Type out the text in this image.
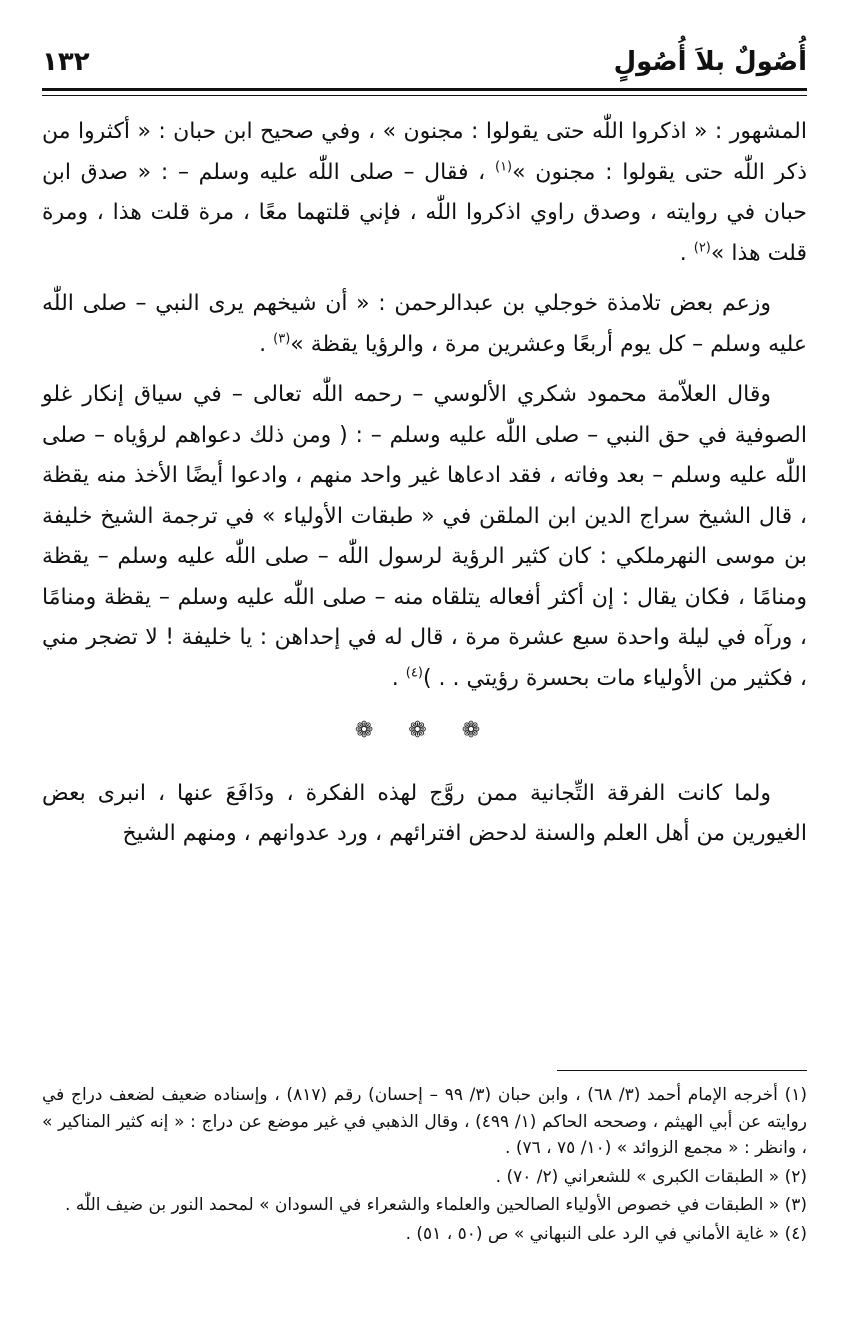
أُصُولٌ بلاَ أُصُولٍ
١٣٢

المشهور : « اذكروا اللّٰه حتى يقولوا : مجنون » ، وفي صحيح ابن حبان : « أكثروا من ذكر اللّٰه حتى يقولوا : مجنون »$^{(١)}$ ، فقال – صلى اللّٰه عليه وسلم – : « صدق ابن حبان في روايته ، وصدق راوي اذكروا اللّٰه ، فإني قلتهما معًا ، مرة قلت هذا ، ومرة قلت هذا »$^{(٢)}$ .

وزعم بعض تلامذة خوجلي بن عبدالرحمن : « أن شيخهم يرى النبي – صلى اللّٰه عليه وسلم – كل يوم أربعًا وعشرين مرة ، والرؤيا يقظة »$^{(٣)}$ .

وقال العلاّمة محمود شكري الألوسي – رحمه اللّٰه تعالى – في سياق إنكار غلو الصوفية في حق النبي – صلى اللّٰه عليه وسلم – : ( ومن ذلك دعواهم لرؤياه – صلى اللّٰه عليه وسلم – بعد وفاته ، فقد ادعاها غير واحد منهم ، وادعوا أيضًا الأخذ منه يقظة ، قال الشيخ سراج الدين ابن الملقن في « طبقات الأولياء » في ترجمة الشيخ خليفة بن موسى النهرملكي : كان كثير الرؤية لرسول اللّٰه – صلى اللّٰه عليه وسلم – يقظة ومنامًا ، فكان يقال : إن أكثر أفعاله يتلقاه منه – صلى اللّٰه عليه وسلم – يقظة ومنامًا ، ورآه في ليلة واحدة سبع عشرة مرة ، قال له في إحداهن : يا خليفة ! لا تضجر مني ، فكثير من الأولياء مات بحسرة رؤيتي . . )$^{(٤)}$ .

❁ ❁ ❁

ولما كانت الفرقة التِّجانية ممن روَّج لهذه الفكرة ، ودَافَعَ عنها ، انبرى بعض الغيورين من أهل العلم والسنة لدحض افترائهم ، ورد عدوانهم ، ومنهم الشيخ

(١) أخرجه الإمام أحمد (٣/ ٦٨) ، وابن حبان (٣/ ٩٩ – إحسان) رقم (٨١٧) ، وإسناده ضعيف لضعف دراج في روايته عن أبي الهيثم ، وصححه الحاكم (١/ ٤٩٩) ، وقال الذهبي في غير موضع عن دراج : « إنه كثير المناكير » ، وانظر : « مجمع الزوائد » (١٠/ ٧٥ ، ٧٦) .

(٢) « الطبقات الكبرى » للشعراني (٢/ ٧٠) .

(٣) « الطبقات في خصوص الأولياء الصالحين والعلماء والشعراء في السودان » لمحمد النور بن ضيف اللّٰه .

(٤) « غاية الأماني في الرد على النبهاني » ص (٥٠ ، ٥١) .
